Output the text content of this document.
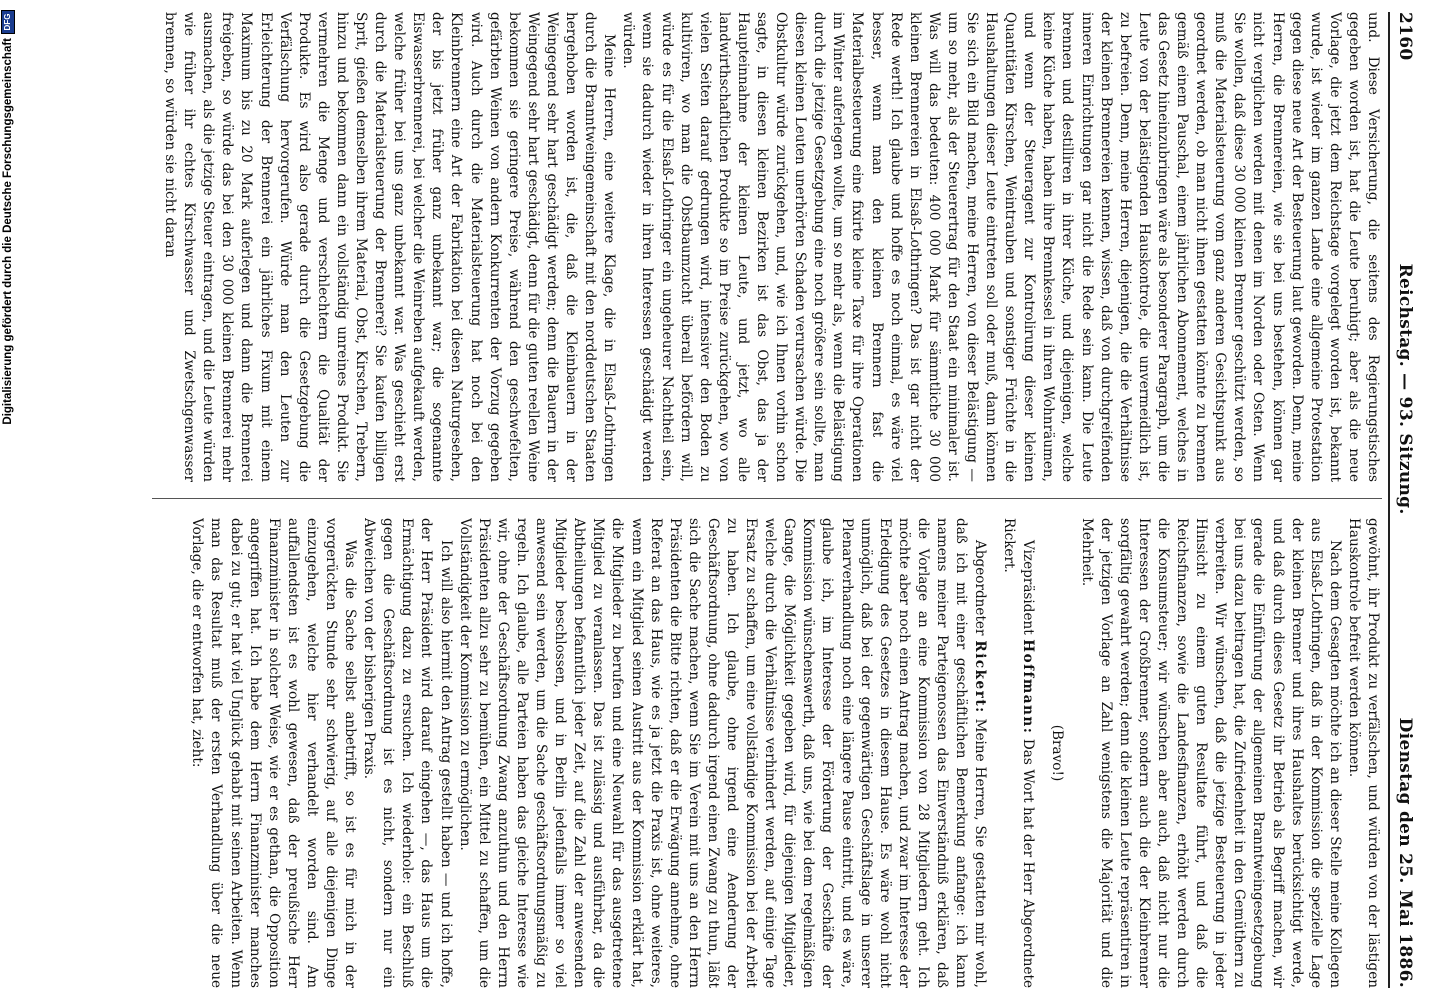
Digitalisierung gefördert durch die Deutsche Forschungsgemeinschaft
DFG	2160
Reichstag. — 93. Sitzung.
Dienstag den 25. Mai 1886.

und. Diese Versicherung, die seitens des Regierungstisches gegeben worden ist, hat die Leute beruhigt; aber als die neue Vorlage, die jetzt dem Reichstage vorgelegt worden ist, bekannt wurde, ist wieder im ganzen Lande eine allgemeine Protestation gegen diese neue Art der Besteuerung laut geworden. Denn, meine Herren, die Brennereien, wie sie bei uns bestehen, können gar nicht verglichen werden mit denen im Norden oder Osten. Wenn Sie wollen, daß diese 30 000 kleinen Brenner geschützt werden, so muß die Materialsteuerung vom ganz anderen Gesichtspunkt aus geordnet werden, ob man nicht ihnen gestatten könnte zu brennen gemäß einem Pauschal, einem jährlichen Abonnement, welches in das Gesetz hineinzubringen wäre als besonderer Paragraph, um die Leute von der belästigenden Hauskontrole, die unvermeidlich ist, zu befreien. Denn, meine Herren, diejenigen, die die Verhältnisse der kleinen Brennereien kennen, wissen, daß von durchgreifenden inneren Einrichtungen gar nicht die Rede sein kann. Die Leute brennen und destilliren in ihrer Küche, und diejenigen, welche keine Küche haben, haben ihre Brennkessel in ihren Wohnräumen, und wenn der Steueragent zur Kontrolirung dieser kleinen Quantitäten Kirschen, Weintrauben und sonstiger Früchte in die Haushaltungen dieser Leute eintreten soll oder muß, dann können Sie sich ein Bild machen, meine Herren, von dieser Belästigung — um so mehr, als der Steuerertrag für den Staat ein minimaler ist. Was will das bedeuten: 400 000 Mark für sämmtliche 30 000 kleinen Brennereien in Elsaß-Lothringen? Das ist gar nicht der Rede werth! Ich glaube und hoffe es noch einmal, es wäre viel besser, wenn man den kleinen Brennern fast die Materialbesteuerung eine fixirte kleine Taxe für ihre Operationen im Winter auferlegen wollte, um so mehr als, wenn die Belästigung durch die jetzige Gesetzgebung eine noch größere sein sollte, man diesen kleinen Leuten unerhörten Schaden verursachen würde. Die Obstkultur würde zurückgehen, und, wie ich Ihnen vorhin schon sagte, in diesen kleinen Bezirken ist das Obst, das ja der Haupteinnahme der kleinen Leute, und jetzt, wo alle landwirthschaftlichen Produkte so im Preise zurückgehen, wo von vielen Seiten darauf gedrungen wird, intensiver den Boden zu kultiviren, wo man die Obstbaumzucht überall befördern will, würde es für die Elsaß-Lothringer ein ungeheurer Nachtheil sein, wenn sie dadurch wieder in ihren Interessen geschädigt werden würden.

Meine Herren, eine weitere Klage, die in Elsaß-Lothringen durch die Branntweingemeinschaft mit den norddeutschen Staaten hergehoben worden ist, die, daß die Kleinbauern in der Weingegend sehr hart geschädigt werden; denn die Bauern in der Weingegend sehr hart geschädigt, denn für die guten reellen Weine bekommen sie geringere Preise, während den geschwefelten, gefärbten Weinen von andern Konkurrenten der Vorzug gegeben wird. Auch durch die Materialsteuerung hat noch bei den Kleinbrennern eine Art der Fabrikation bei diesen Naturgesehen, der bis jetzt früher ganz unbekannt war; die sogenannte Eiswasserbrennerei, bei welcher die Weinreben aufgekauft werden, welche früher bei uns ganz unbekannt war. Was geschieht erst durch die Materialsteuerung der Brennerei? Sie kaufen billigen Sprit, gießen demselben ihrem Material, Obst, Kirschen, Trebern, hinzu und bekommen dann ein vollständig unreines Produkt. Sie vermehren die Menge und verschlechtern die Qualität der Produkte. Es wird also gerade durch die Gesetzgebung die Verfälschung hervorgerufen. Würde man den Leuten zur Erleichterung der Brennerei ein jährliches Fixum mit einem Maximum bis zu 20 Mark auferlegen und dann die Brennerei freigeben, so würde das bei den 30 000 kleinen Brennerei mehr ausmachen, als die jetzige Steuer eintragen, und die Leute würden wie früher ihr echtes Kirschwasser und Zwetschgenwasser brennen, so würden sie nicht daran

gewöhnt, ihr Produkt zu verfälschen, und würden von der lästigen Hauskontrole befreit werden können.

Nach dem Gesagten möchte ich an dieser Stelle meine Kollegen aus Elsaß-Lothringen, daß in der Kommission die spezielle Lage der kleinen Brenner und ihres Haushaltes berücksichtigt werde, und daß durch dieses Gesetz ihr Betrieb als Begriff machen, wir gerade die Einführung der allgemeinen Branntweingesetzgebung bei uns dazu beitragen hat, die Zufriedenheit in den Gemüthern zu verbreiten. Wir wünschen, daß die jetzige Besteuerung in jeder Hinsicht zu einem guten Resultate führt, und daß die Reichsfinanzen, sowie die Landesfinanzen, erhöht werden durch die Konsumsteuer; wir wünschen aber auch, daß nicht nur die Interessen der Großbrenner, sondern auch die der Kleinbrenner sorgfältig gewahrt werden; denn die kleinen Leute repräsentiren in der jetzigen Vorlage an Zahl wenigstens die Majorität und die Mehrheit.

(Bravo!)

Vizepräsident Hoffmann: Das Wort hat der Herr Abgeordnete Rickert.

Abgeordneter Rickert: Meine Herren, Sie gestatten mir wohl, daß ich mit einer geschäftlichen Bemerkung anfange: ich kann namens meiner Parteigenossen das Einverständniß erklären, daß die Vorlage an eine Kommission von 28 Mitgliedern geht. Ich möchte aber noch einen Antrag machen, und zwar im Interesse der Erledigung des Gesetzes in diesem Hause. Es wäre wohl nicht unmöglich, daß bei der gegenwärtigen Geschäftslage in unserer Plenarverhandlung noch eine längere Pause eintritt, und es wäre, glaube ich, im Interesse der Förderung der Geschäfte der Kommission wünschenswerth, daß uns, wie bei dem regelmäßigen Gange, die Möglichkeit gegeben wird, für diejenigen Mitglieder, welche durch die Verhältnisse verhindert werden, auf einige Tage Ersatz zu schaffen, um eine vollständige Kommission bei der Arbeit zu haben. Ich glaube, ohne irgend eine Aenderung der Geschäftsordnung, ohne dadurch irgend einen Zwang zu thun, läßt sich die Sache machen, wenn Sie im Verein mit uns an den Herrn Präsidenten die Bitte richten, daß er die Erwägung annehme, ohne Referat an das Haus, wie es ja jetzt die Praxis ist, ohne weiteres, wenn ein Mitglied seinen Austritt aus der Kommission erklärt hat, die Mitglieder zu berufen und eine Neuwahl für das ausgetretene Mitglied zu veranlassen. Das ist zulässig und ausführbar, da die Abtheilungen befanntlich jeder Zeit, auf die Zahl der anwesenden Mitglieder beschlossen, und in Berlin jedenfalls immer so viel anwesend sein werden, um die Sache geschäftsordnungsmäßig zu regeln. Ich glaube, alle Parteien haben das gleiche Interesse wie wir, ohne der Geschäftsordnung Zwang anzuthun und den Herrn Präsidenten allzu sehr zu bemühen, ein Mittel zu schaffen, um die Vollständigkeit der Kommission zu ermöglichen.

Ich will also hiermit den Antrag gestellt haben — und ich hoffe, der Herr Präsident wird darauf eingehen —, das Haus um die Ermächtigung dazu zu ersuchen. Ich wiederhole: ein Beschluß gegen die Geschäftsordnung ist es nicht, sondern nur ein Abweichen von der bisherigen Praxis.

Was die Sache selbst anbetrifft, so ist es für mich in der vorgerückten Stunde sehr schwierig, auf alle diejenigen Dinge einzugehen, welche hier verhandelt worden sind. Am auffallendsten ist es wohl gewesen, daß der preußische Herr Finanzminister in solcher Weise, wie er es gethan, die Opposition angegriffen hat. Ich habe dem Herrn Finanzminister manches dabei zu gut; er hat viel Unglück gehabt mit seinen Arbeiten. Wenn man das Resultat muß der ersten Verhandlung über die neue Vorlage, die er entworfen hat, zieht:
